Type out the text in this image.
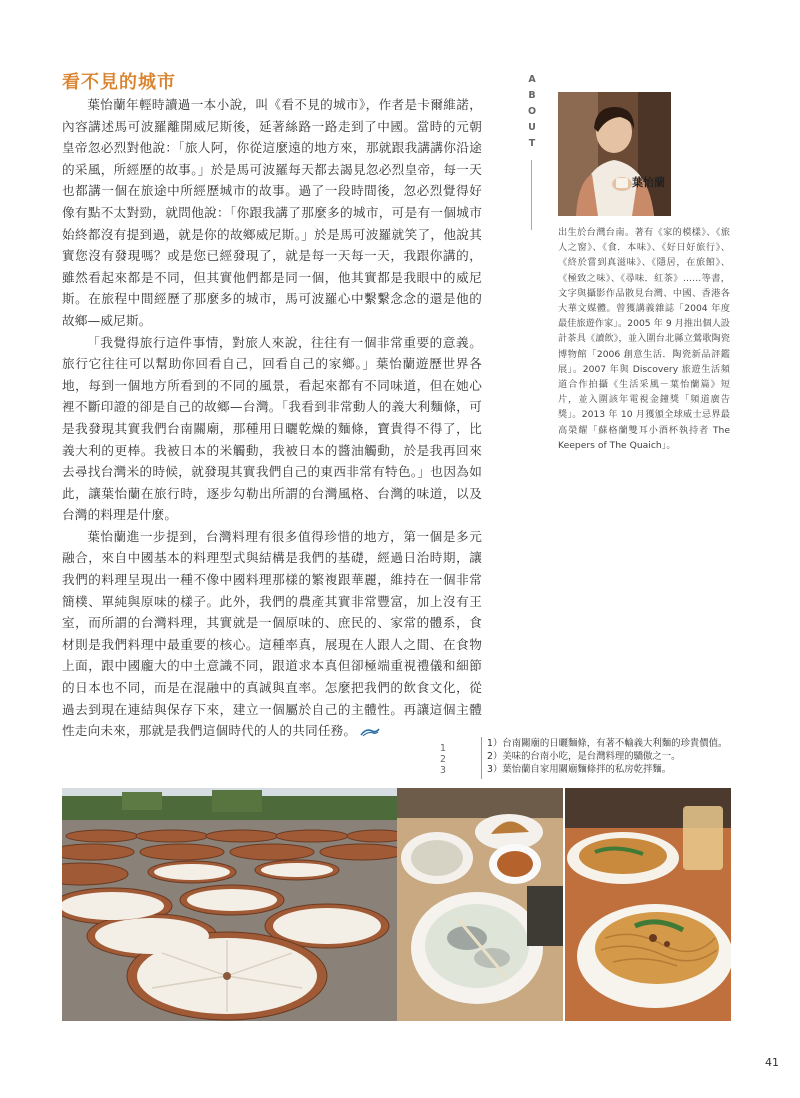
看不見的城市

葉怡蘭年輕時讀過一本小說，叫《看不見的城市》，作者是卡爾維諾，內容講述馬可波羅離開威尼斯後，延著絲路一路走到了中國。當時的元朝皇帝忽必烈對他說：「旅人阿，你從這麼遠的地方來，那就跟我講講你沿途的采風，所經歷的故事。」於是馬可波羅每天都去謁見忽必烈皇帝，每一天也都講一個在旅途中所經歷城市的故事。過了一段時間後，忽必烈覺得好像有點不太對勁，就問他說：「你跟我講了那麼多的城市，可是有一個城市始終都沒有提到過，就是你的故鄉威尼斯。」於是馬可波羅就笑了，他說其實您沒有發現嗎？或是您已經發現了，就是每一天每一天，我跟你講的，雖然看起來都是不同，但其實他們都是同一個，他其實都是我眼中的威尼斯。在旅程中間經歷了那麼多的城市，馬可波羅心中繫繫念念的還是他的故鄉—威尼斯。

「我覺得旅行這件事情，對旅人來說，往往有一個非常重要的意義。旅行它往往可以幫助你回看自己，回看自己的家鄉。」葉怡蘭遊歷世界各地，每到一個地方所看到的不同的風景，看起來都有不同味道，但在她心裡不斷印證的卻是自己的故鄉—台灣。「我看到非常動人的義大利麵條，可是我發現其實我們台南關廟，那種用日曬乾燥的麵條，寶貴得不得了，比義大利的更棒。我被日本的米觸動，我被日本的醬油觸動，於是我再回來去尋找台灣米的時候，就發現其實我們自己的東西非常有特色。」也因為如此，讓葉怡蘭在旅行時，逐步勾勒出所謂的台灣風格、台灣的味道，以及台灣的料理是什麼。

葉怡蘭進一步提到，台灣料理有很多值得珍惜的地方，第一個是多元融合，來自中國基本的料理型式與結構是我們的基礎，經過日治時期，讓我們的料理呈現出一種不像中國料理那樣的繁複跟華麗，維持在一個非常簡樸、單純與原味的樣子。此外，我們的農產其實非常豐富，加上沒有王室，而所謂的台灣料理，其實就是一個原味的、庶民的、家常的體系，食材則是我們料理中最重要的核心。這種率真，展現在人跟人之間、在食物上面，跟中國龐大的中土意識不同，跟道求本真但卻極端重視禮儀和細節的日本也不同，而是在混融中的真誠與直率。怎麼把我們的飲食文化，從過去到現在連結與保存下來，建立一個屬於自己的主體性。再讓這個主體性走向未來，那就是我們這個時代的人的共同任務。

A
B
O
U
T
葉怡蘭
出生於台灣台南。著有《家的模樣》、《旅人之窗》、《食．本味》、《好日好旅行》、《終於嘗到真滋味》、《隱居，在旅館》、《極致之味》、《尋味．紅茶》……等書，文字與攝影作品散見台灣、中國、香港各大華文媒體。曾獲講義雜誌「2004 年度最佳旅遊作家」。2005 年 9 月推出個人設計茶具《讀飲》，並入圍台北縣立鶯歌陶瓷博物館「2006 創意生活．陶瓷新品評鑑展」。2007 年與 Discovery 旅遊生活頻道合作拍攝《生活采風－葉怡蘭篇》短片，並入圍該年電視金鐘獎「頻道廣告獎」。2013 年 10 月獲頒全球威士忌界最高榮耀「蘇格蘭雙耳小酒杯執持者 The Keepers of The Quaich」。
1 2 3
1）台南關廟的日曬麵條，有著不輸義大利麵的珍貴價值。
2）美味的台南小吃，是台灣料理的驕傲之一。
3）葉怡蘭自家用關廟麵條拌的私房乾拌麵。
41
